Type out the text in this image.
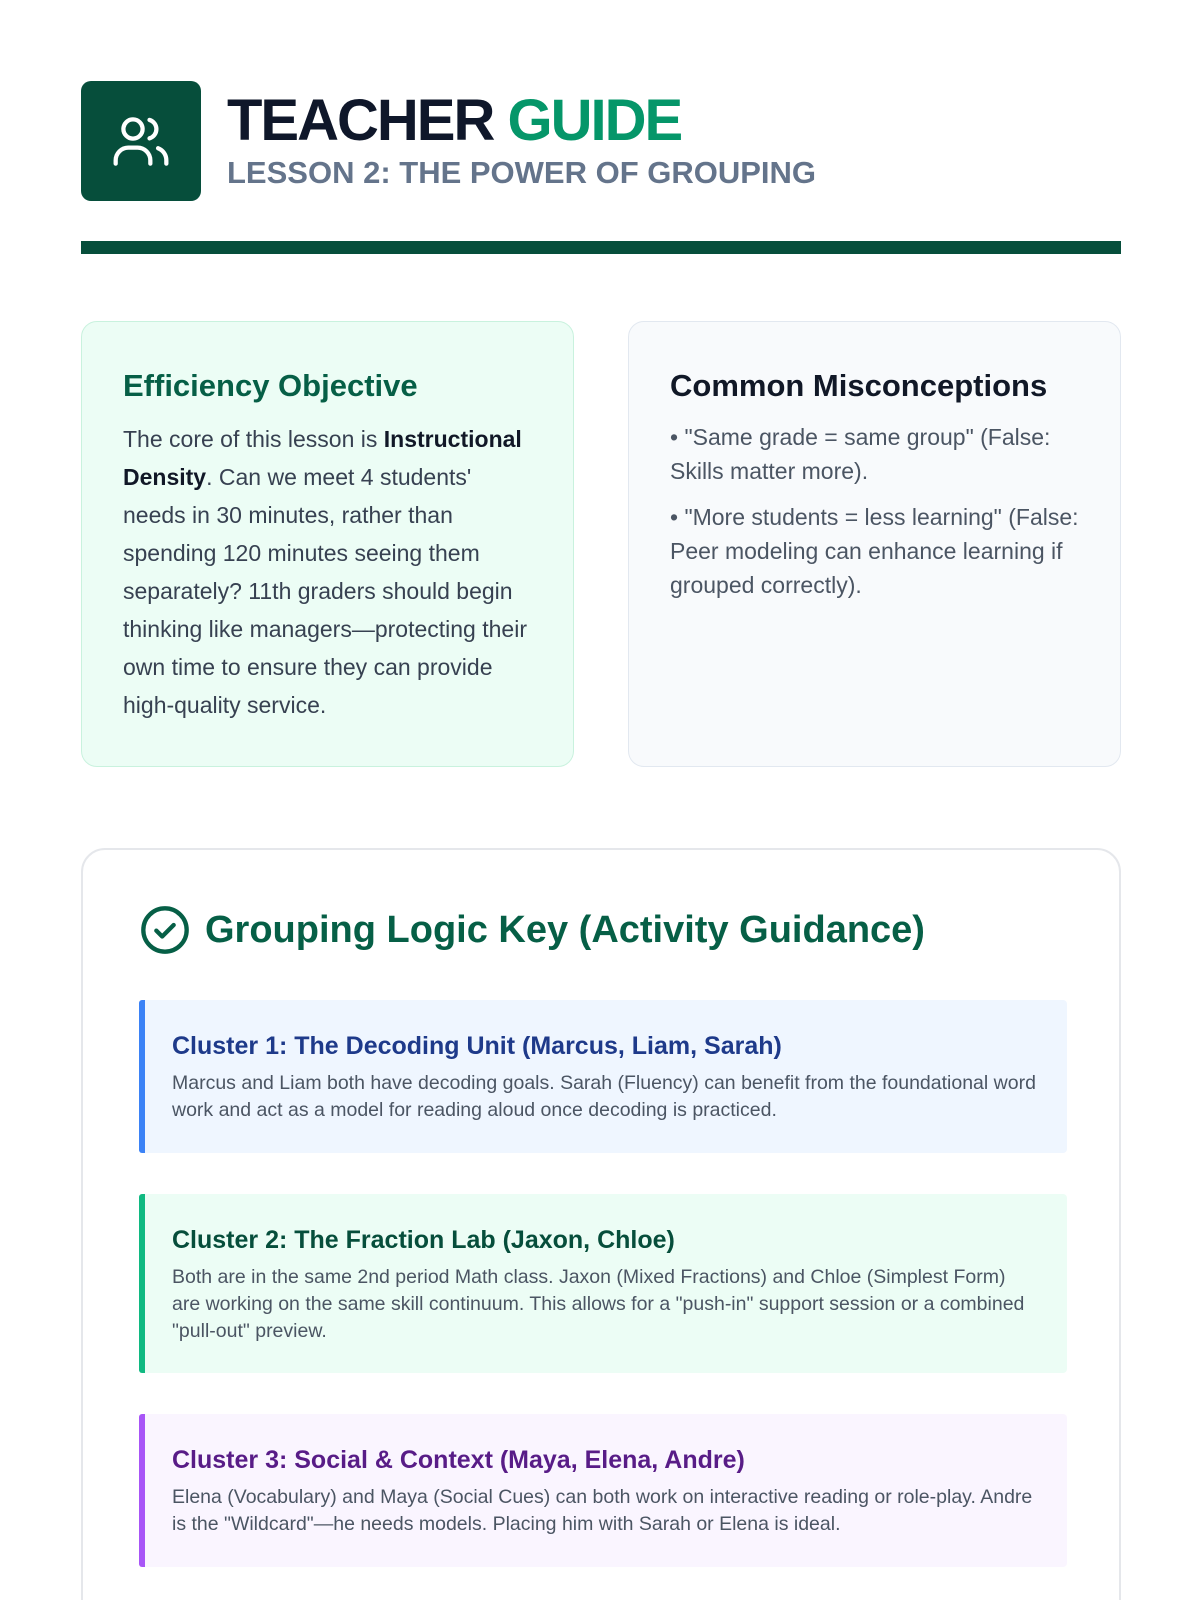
TEACHER GUIDE
LESSON 2: THE POWER OF GROUPING
Efficiency Objective

The core of this lesson is Instructional Density. Can we meet 4 students' needs in 30 minutes, rather than spending 120 minutes seeing them separately? 11th graders should begin thinking like managers—protecting their own time to ensure they can provide high-quality service.

Common Misconceptions

• "Same grade = same group" (False: Skills matter more).

• "More students = less learning" (False: Peer modeling can enhance learning if grouped correctly).

Grouping Logic Key (Activity Guidance)
Cluster 1: The Decoding Unit (Marcus, Liam, Sarah)

Marcus and Liam both have decoding goals. Sarah (Fluency) can benefit from the foundational word work and act as a model for reading aloud once decoding is practiced.

Cluster 2: The Fraction Lab (Jaxon, Chloe)

Both are in the same 2nd period Math class. Jaxon (Mixed Fractions) and Chloe (Simplest Form) are working on the same skill continuum. This allows for a "push-in" support session or a combined "pull-out" preview.

Cluster 3: Social & Context (Maya, Elena, Andre)

Elena (Vocabulary) and Maya (Social Cues) can both work on interactive reading or role-play. Andre is the "Wildcard"—he needs models. Placing him with Sarah or Elena is ideal.
